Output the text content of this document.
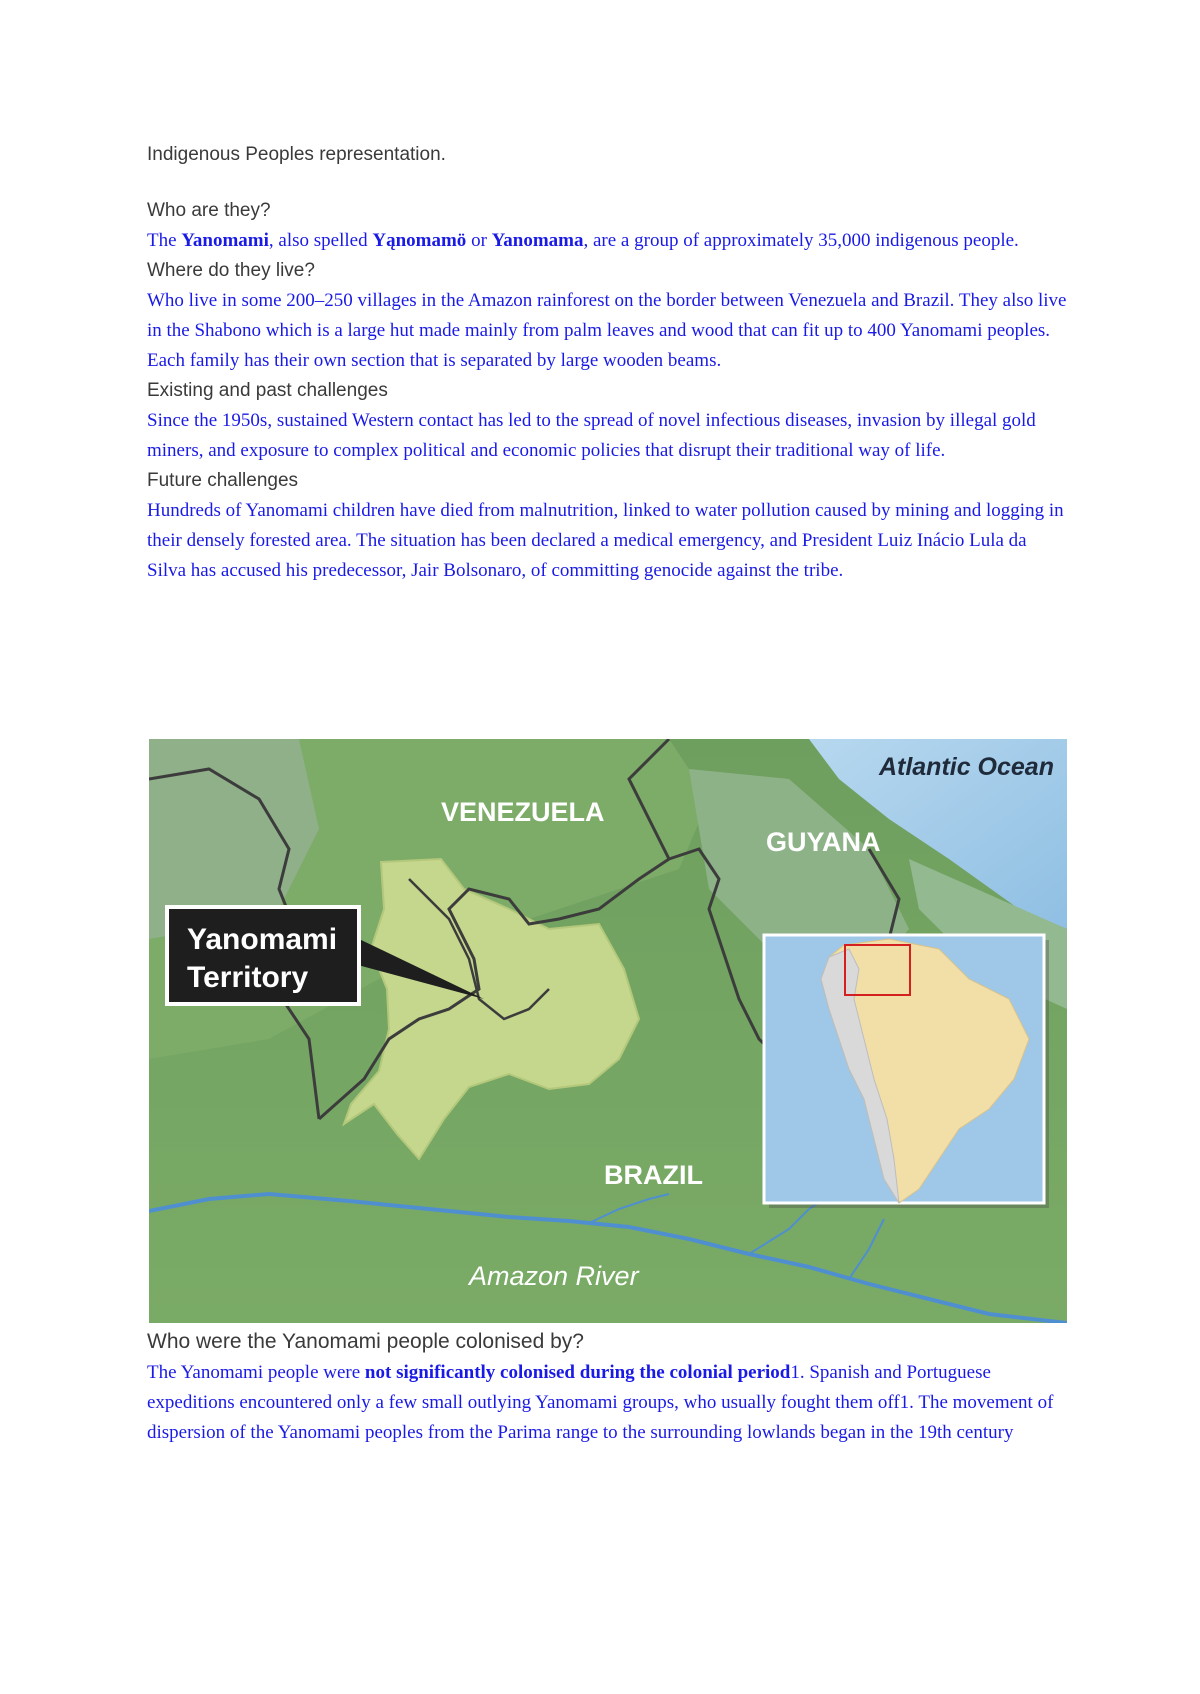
Indigenous Peoples representation.

Who are they?

The Yanomami, also spelled Yąnomamö or Yanomama, are a group of approximately 35,000 indigenous people.

Where do they live?

Who live in some 200–250 villages in the Amazon rainforest on the border between Venezuela and Brazil. They also live in the Shabono which is a large hut made mainly from palm leaves and wood that can fit up to 400 Yanomami peoples. Each family has their own section that is separated by large wooden beams.

Existing and past challenges

Since the 1950s, sustained Western contact has led to the spread of novel infectious diseases, invasion by illegal gold miners, and exposure to complex political and economic policies that disrupt their traditional way of life.

Future challenges

Hundreds of Yanomami children have died from malnutrition, linked to water pollution caused by mining and logging in their densely forested area. The situation has been declared a medical emergency, and President Luiz Inácio Lula da Silva has accused his predecessor, Jair Bolsonaro, of committing genocide against the tribe.

Atlantic Ocean
VENEZUELA
GUYANA
BRAZIL
Amazon River
Yanomami
Territory

Who were the Yanomami people colonised by?

The Yanomami people were not significantly colonised during the colonial period1. Spanish and Portuguese expeditions encountered only a few small outlying Yanomami groups, who usually fought them off1. The movement of dispersion of the Yanomami peoples from the Parima range to the surrounding lowlands began in the 19th century
